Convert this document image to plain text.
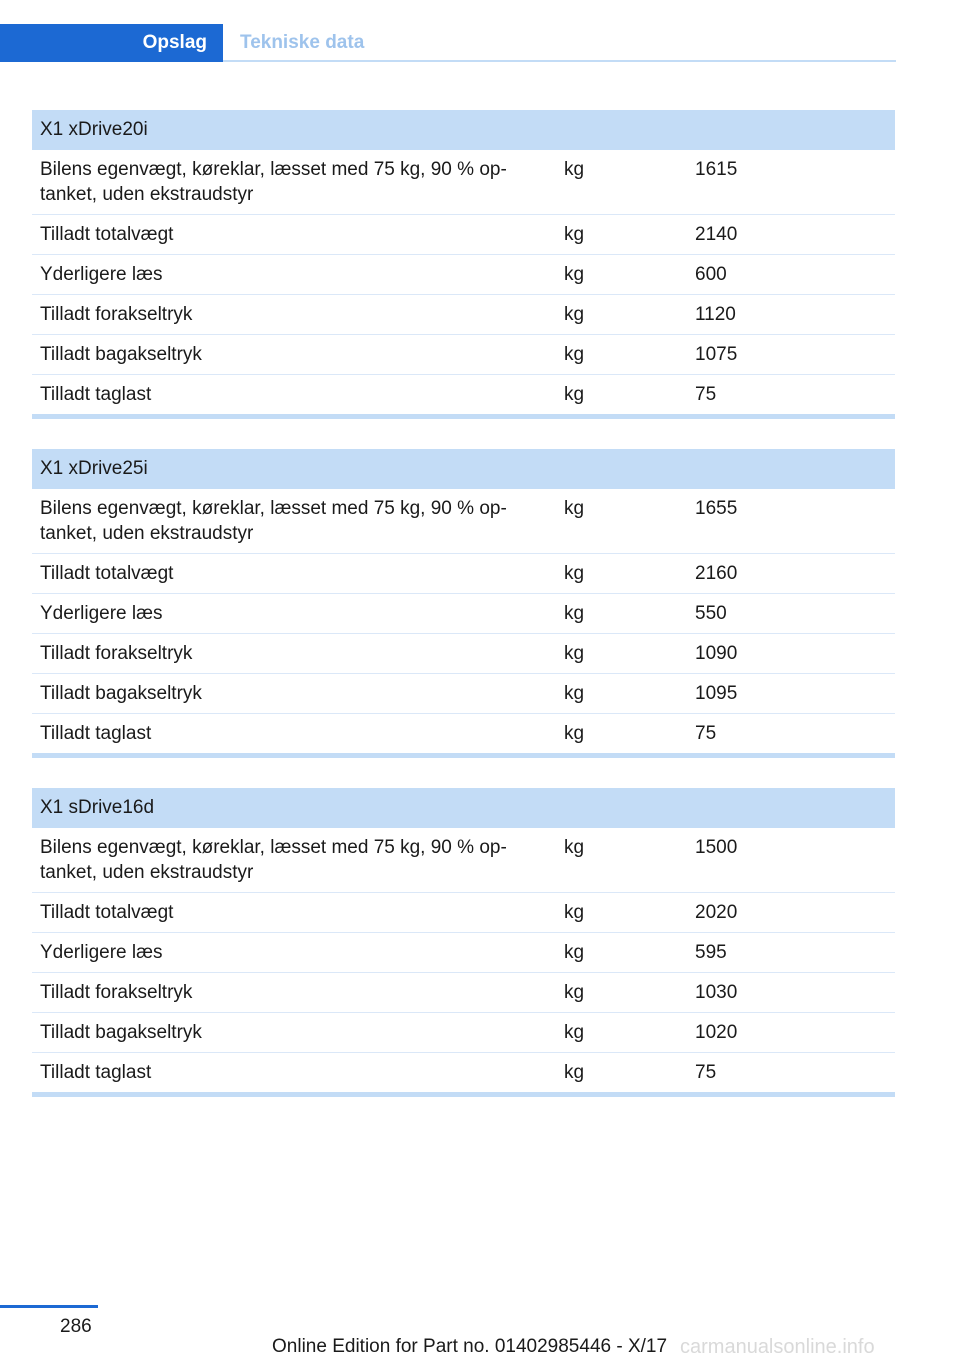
Opslag	Tekniske data
X1 xDrive20i		
Bilens egenvægt, køreklar, læsset med 75 kg, 90 % op‐ tanket, uden ekstraudstyr	kg	1615
Tilladt totalvægt	kg	2140
Yderligere læs	kg	600
Tilladt forakseltryk	kg	1120
Tilladt bagakseltryk	kg	1075
Tilladt taglast	kg	75
X1 xDrive25i		
Bilens egenvægt, køreklar, læsset med 75 kg, 90 % op‐ tanket, uden ekstraudstyr	kg	1655
Tilladt totalvægt	kg	2160
Yderligere læs	kg	550
Tilladt forakseltryk	kg	1090
Tilladt bagakseltryk	kg	1095
Tilladt taglast	kg	75
X1 sDrive16d		
Bilens egenvægt, køreklar, læsset med 75 kg, 90 % op‐ tanket, uden ekstraudstyr	kg	1500
Tilladt totalvægt	kg	2020
Yderligere læs	kg	595
Tilladt forakseltryk	kg	1030
Tilladt bagakseltryk	kg	1020
Tilladt taglast	kg	75
286
Online Edition for Part no. 01402985446 - X/17 carmanualsonline.info
